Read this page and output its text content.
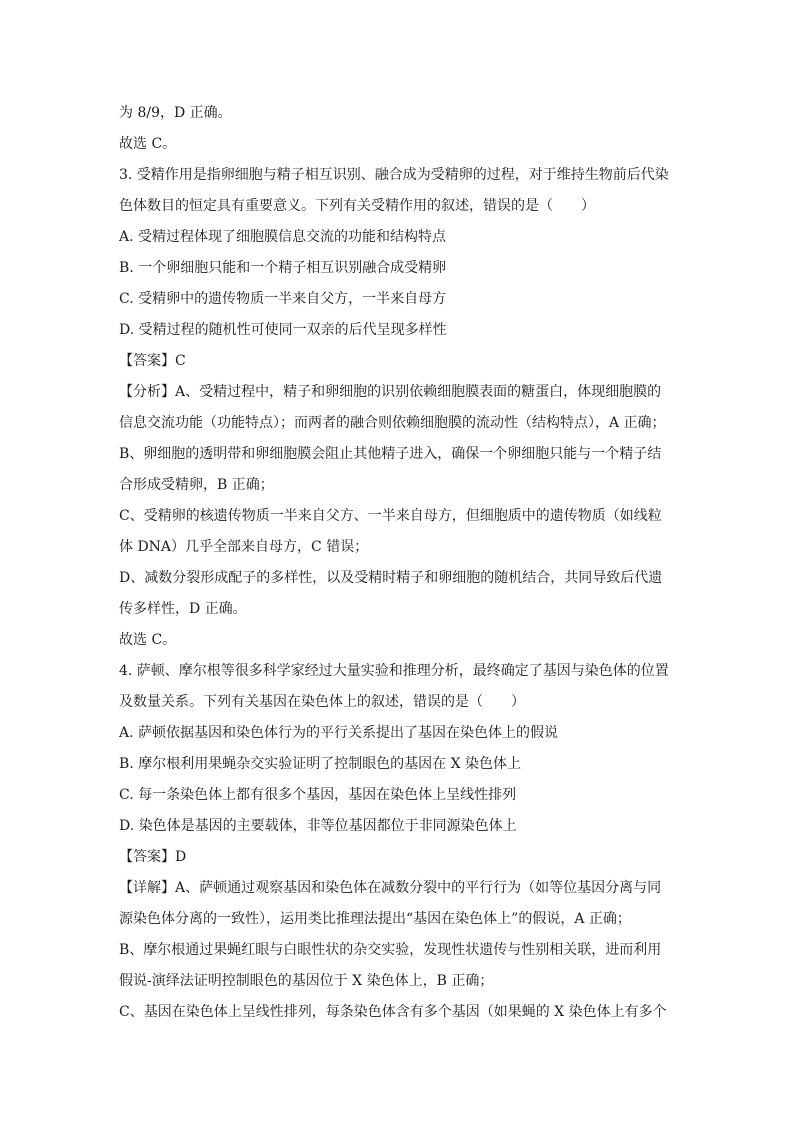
为 8/9，D 正确。
故选 C。
3. 受精作用是指卵细胞与精子相互识别、融合成为受精卵的过程，对于维持生物前后代染
色体数目的恒定具有重要意义。下列有关受精作用的叙述，错误的是（　　）
A. 受精过程体现了细胞膜信息交流的功能和结构特点
B. 一个卵细胞只能和一个精子相互识别融合成受精卵
C. 受精卵中的遗传物质一半来自父方，一半来自母方
D. 受精过程的随机性可使同一双亲的后代呈现多样性
【答案】C
【分析】A、受精过程中，精子和卵细胞的识别依赖细胞膜表面的糖蛋白，体现细胞膜的
信息交流功能（功能特点）；而两者的融合则依赖细胞膜的流动性（结构特点），A 正确；
B、卵细胞的透明带和卵细胞膜会阻止其他精子进入，确保一个卵细胞只能与一个精子结
合形成受精卵，B 正确；
C、受精卵的核遗传物质一半来自父方、一半来自母方，但细胞质中的遗传物质（如线粒
体 DNA）几乎全部来自母方，C 错误；
D、减数分裂形成配子的多样性，以及受精时精子和卵细胞的随机结合，共同导致后代遗
传多样性，D 正确。
故选 C。
4. 萨顿、摩尔根等很多科学家经过大量实验和推理分析，最终确定了基因与染色体的位置
及数量关系。下列有关基因在染色体上的叙述，错误的是（　　）
A. 萨顿依据基因和染色体行为的平行关系提出了基因在染色体上的假说
B. 摩尔根利用果蝇杂交实验证明了控制眼色的基因在 X 染色体上
C. 每一条染色体上都有很多个基因，基因在染色体上呈线性排列
D. 染色体是基因的主要载体，非等位基因都位于非同源染色体上
【答案】D
【详解】A、萨顿通过观察基因和染色体在减数分裂中的平行行为（如等位基因分离与同
源染色体分离的一致性），运用类比推理法提出“基因在染色体上”的假说，A 正确；
B、摩尔根通过果蝇红眼与白眼性状的杂交实验，发现性状遗传与性别相关联，进而利用
假说-演绎法证明控制眼色的基因位于 X 染色体上，B 正确；
C、基因在染色体上呈线性排列，每条染色体含有多个基因（如果蝇的 X 染色体上有多个
